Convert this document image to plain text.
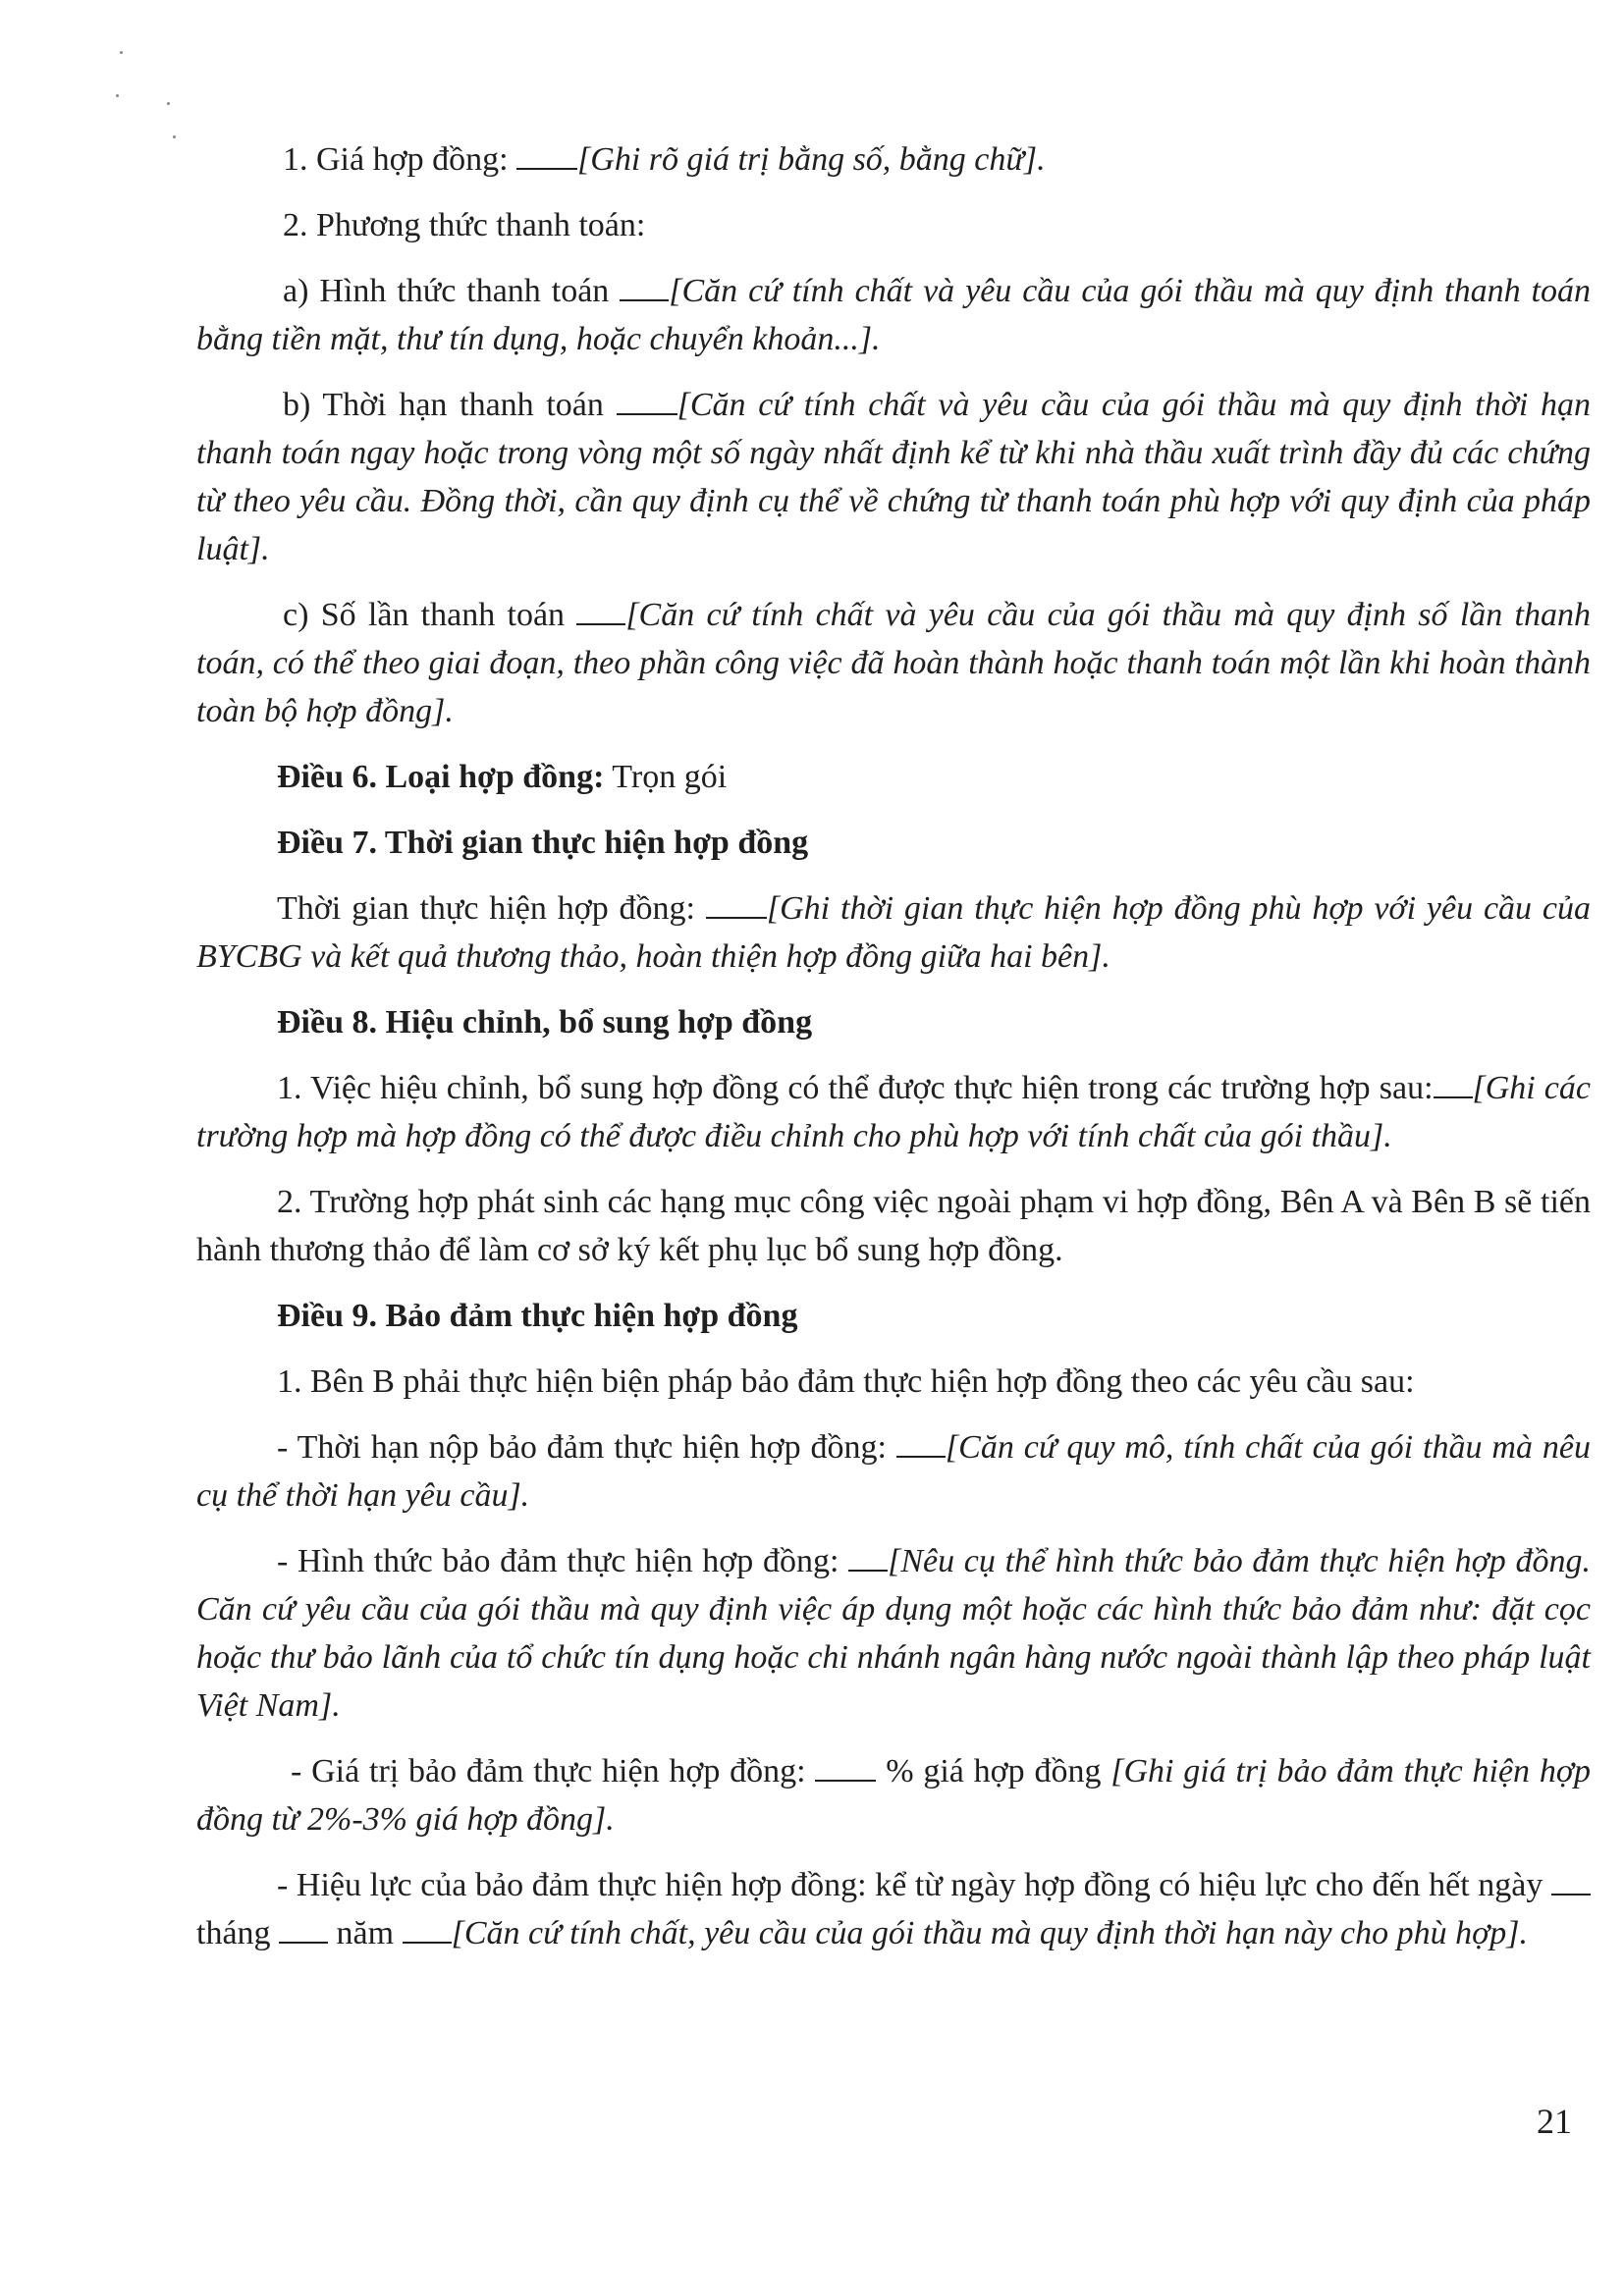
1. Giá hợp đồng: [Ghi rõ giá trị bằng số, bằng chữ].

2. Phương thức thanh toán:

a) Hình thức thanh toán [Căn cứ tính chất và yêu cầu của gói thầu mà quy định thanh toán bằng tiền mặt, thư tín dụng, hoặc chuyển khoản...].

b) Thời hạn thanh toán [Căn cứ tính chất và yêu cầu của gói thầu mà quy định thời hạn thanh toán ngay hoặc trong vòng một số ngày nhất định kể từ khi nhà thầu xuất trình đầy đủ các chứng từ theo yêu cầu. Đồng thời, cần quy định cụ thể về chứng từ thanh toán phù hợp với quy định của pháp luật].

c) Số lần thanh toán [Căn cứ tính chất và yêu cầu của gói thầu mà quy định số lần thanh toán, có thể theo giai đoạn, theo phần công việc đã hoàn thành hoặc thanh toán một lần khi hoàn thành toàn bộ hợp đồng].

Điều 6. Loại hợp đồng: Trọn gói

Điều 7. Thời gian thực hiện hợp đồng

Thời gian thực hiện hợp đồng: [Ghi thời gian thực hiện hợp đồng phù hợp với yêu cầu của BYCBG và kết quả thương thảo, hoàn thiện hợp đồng giữa hai bên].

Điều 8. Hiệu chỉnh, bổ sung hợp đồng

1. Việc hiệu chỉnh, bổ sung hợp đồng có thể được thực hiện trong các trường hợp sau: [Ghi các trường hợp mà hợp đồng có thể được điều chỉnh cho phù hợp với tính chất của gói thầu].

2. Trường hợp phát sinh các hạng mục công việc ngoài phạm vi hợp đồng, Bên A và Bên B sẽ tiến hành thương thảo để làm cơ sở ký kết phụ lục bổ sung hợp đồng.

Điều 9. Bảo đảm thực hiện hợp đồng

1. Bên B phải thực hiện biện pháp bảo đảm thực hiện hợp đồng theo các yêu cầu sau:

- Thời hạn nộp bảo đảm thực hiện hợp đồng: [Căn cứ quy mô, tính chất của gói thầu mà nêu cụ thể thời hạn yêu cầu].

- Hình thức bảo đảm thực hiện hợp đồng: [Nêu cụ thể hình thức bảo đảm thực hiện hợp đồng. Căn cứ yêu cầu của gói thầu mà quy định việc áp dụng một hoặc các hình thức bảo đảm như: đặt cọc hoặc thư bảo lãnh của tổ chức tín dụng hoặc chi nhánh ngân hàng nước ngoài thành lập theo pháp luật Việt Nam].

- Giá trị bảo đảm thực hiện hợp đồng:  % giá hợp đồng [Ghi giá trị bảo đảm thực hiện hợp đồng từ 2%-3% giá hợp đồng].

- Hiệu lực của bảo đảm thực hiện hợp đồng: kể từ ngày hợp đồng có hiệu lực cho đến hết ngày  tháng  năm [Căn cứ tính chất, yêu cầu của gói thầu mà quy định thời hạn này cho phù hợp].

21
